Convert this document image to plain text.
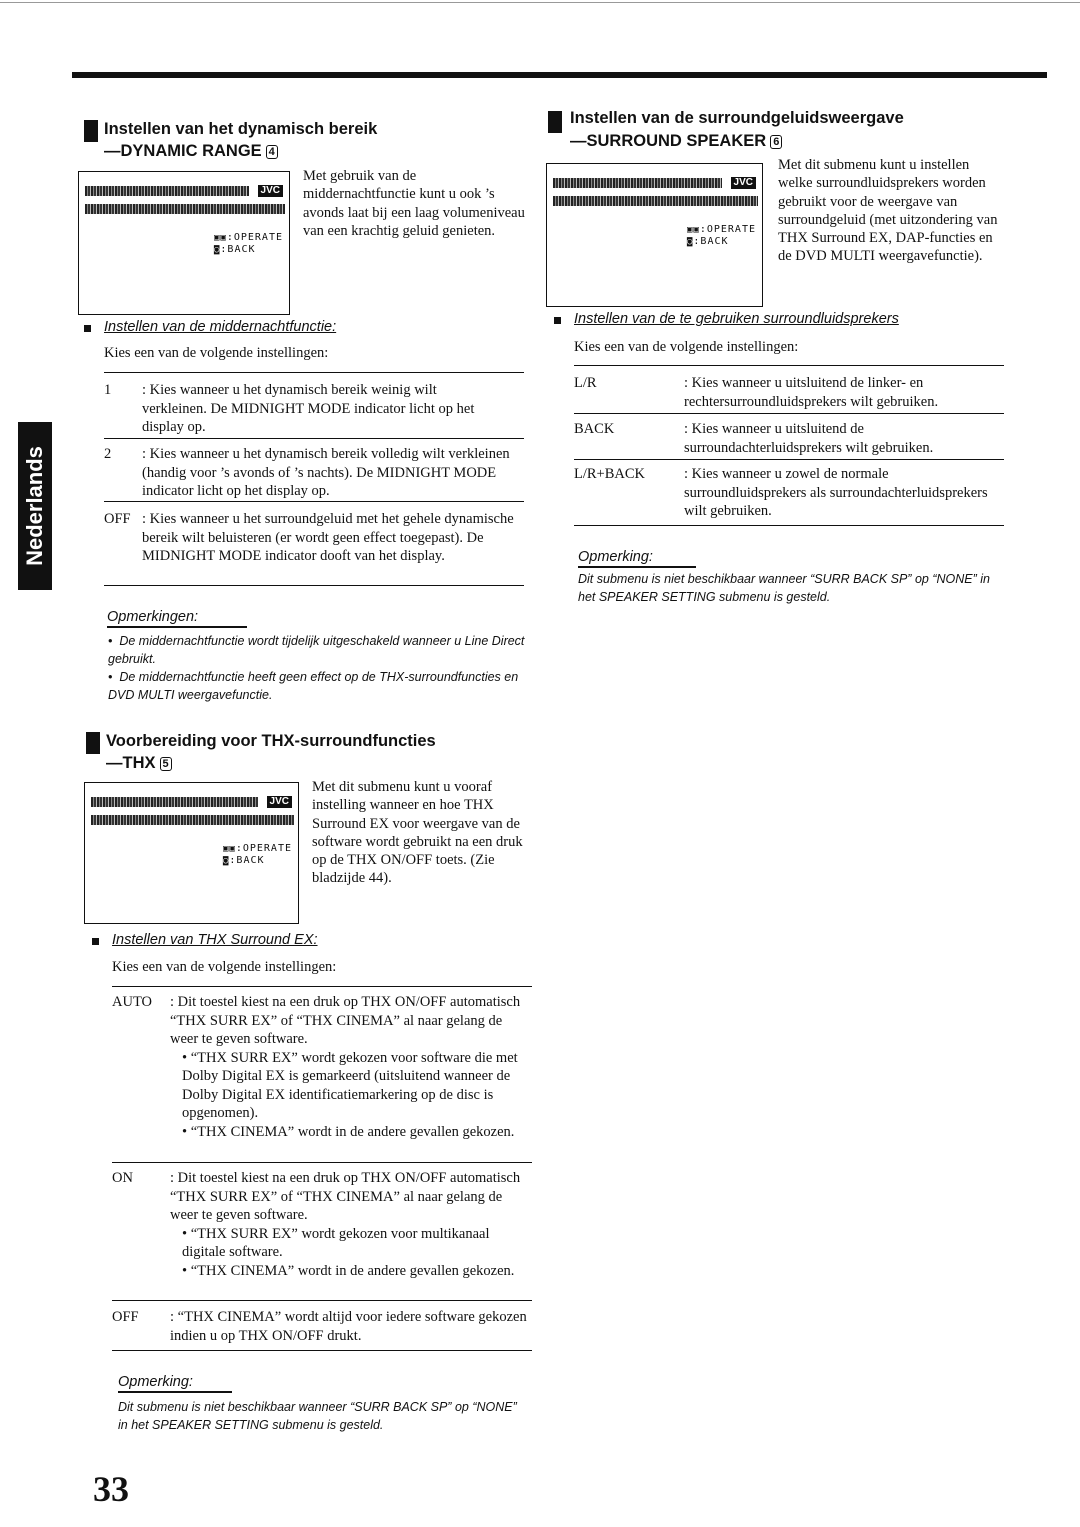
Nederlands
Instellen van het dynamisch bereik
—DYNAMIC RANGE 4
JVC
▣▣:OPERATE
◙:BACK
Met gebruik van de middernachtfunctie kunt u ook ’s avonds laat bij een laag volumeniveau van een krachtig geluid genieten.
Instellen van de middernachtfunctie:
Kies een van de volgende instellingen:
1 : Kies wanneer u het dynamisch bereik weinig wilt verkleinen. De MIDNIGHT MODE indicator licht op het display op.
2 : Kies wanneer u het dynamisch bereik volledig wilt verkleinen (handig voor ’s avonds of ’s nachts). De MIDNIGHT MODE indicator licht op het display op.
OFF : Kies wanneer u het surroundgeluid met het gehele dynamische bereik wilt beluisteren (er wordt geen effect toegepast). De MIDNIGHT MODE indicator dooft van het display.
Opmerkingen:
•  De middernachtfunctie wordt tijdelijk uitgeschakeld wanneer u Line Direct gebruikt.
•  De middernachtfunctie heeft geen effect op de THX-surroundfuncties en DVD MULTI weergavefunctie.
Voorbereiding voor THX-surroundfuncties
—THX 5
JVC
▣▣:OPERATE
◙:BACK
Met dit submenu kunt u vooraf instelling wanneer en hoe THX Surround EX voor weergave van de software wordt gebruikt na een druk op de THX ON/OFF toets. (Zie bladzijde 44).
Instellen van THX Surround EX:
Kies een van de volgende instellingen:
AUTO : Dit toestel kiest na een druk op THX ON/OFF automatisch “THX SURR EX” of “THX CINEMA” al naar gelang de weer te geven software.
• “THX SURR EX” wordt gekozen voor software die met Dolby Digital EX is gemarkeerd (uitsluitend wanneer de Dolby Digital EX identificatiemarkering op de disc is opgenomen).
• “THX CINEMA” wordt in de andere gevallen gekozen.
ON	: Dit toestel kiest na een druk op THX ON/OFF automatisch “THX SURR EX” of “THX CINEMA” al naar gelang de weer te geven software.
• “THX SURR EX” wordt gekozen voor multikanaal digitale software.
• “THX CINEMA” wordt in de andere gevallen gekozen.
OFF : “THX CINEMA” wordt altijd voor iedere software gekozen indien u op THX ON/OFF drukt.
Opmerking:
Dit submenu is niet beschikbaar wanneer “SURR BACK SP” op “NONE” in het SPEAKER SETTING submenu is gesteld.
Instellen van de surroundgeluidsweergave
—SURROUND SPEAKER 6
JVC
▣▣:OPERATE
◙:BACK
Met dit submenu kunt u instellen welke surroundluidsprekers worden gebruikt voor de weergave van surroundgeluid (met uitzondering van THX Surround EX, DAP-functies en de DVD MULTI weergavefunctie).
Instellen van de te gebruiken surroundluidsprekers
Kies een van de volgende instellingen:
L/R	: Kies wanneer u uitsluitend de linker- en rechtersurroundluidsprekers wilt gebruiken.
BACK	: Kies wanneer u uitsluitend de surroundachterluidsprekers wilt gebruiken.
L/R+BACK	: Kies wanneer u zowel de normale surroundluidsprekers als surroundachterluidsprekers wilt gebruiken.
Opmerking:
Dit submenu is niet beschikbaar wanneer “SURR BACK SP” op “NONE” in het SPEAKER SETTING submenu is gesteld.
33
